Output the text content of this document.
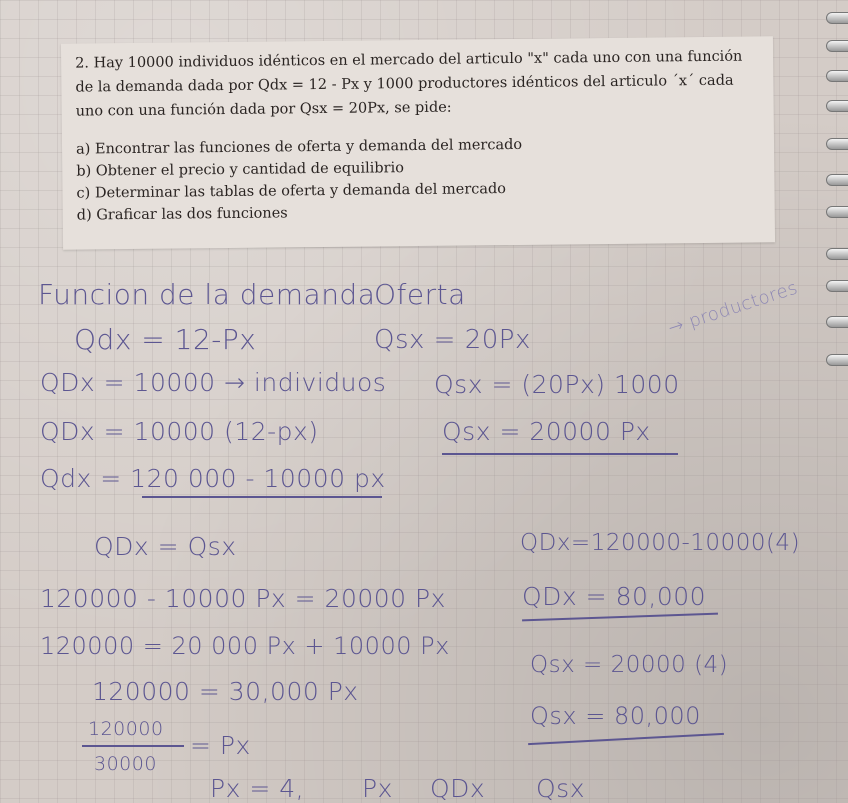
2. Hay 10000 individuos idénticos en el mercado del articulo "x" cada uno con una función
de la demanda dada por Qdx = 12 - Px y 1000 productores idénticos del articulo ´x´ cada
uno con una función dada por Qsx = 20Px, se pide:
a) Encontrar las funciones de oferta y demanda del mercado
b) Obtener el precio y cantidad de equilibrio
c) Determinar las tablas de oferta y demanda del mercado
d) Graficar las dos funciones
Funcion de la demanda
Oferta
Qdx = 12-Px	Qsx = 20Px
→ productores
QDx = 10000 → individuos Qsx = (20Px) 1000
QDx = 10000 (12-px)	Qsx = 20000 Px
Qdx = 120 000 - 10000 px
QDx = Qsx	QDx=120000-10000(4)
120000 - 10000 Px = 20000 Px	QDx = 80,000
120000 = 20 000 Px + 10000 Px
Qsx = 20000 (4)
120000 = 30,000 Px
Qsx = 80,000
120000
= Px
30000
Px = 4, Px QDx Qsx
